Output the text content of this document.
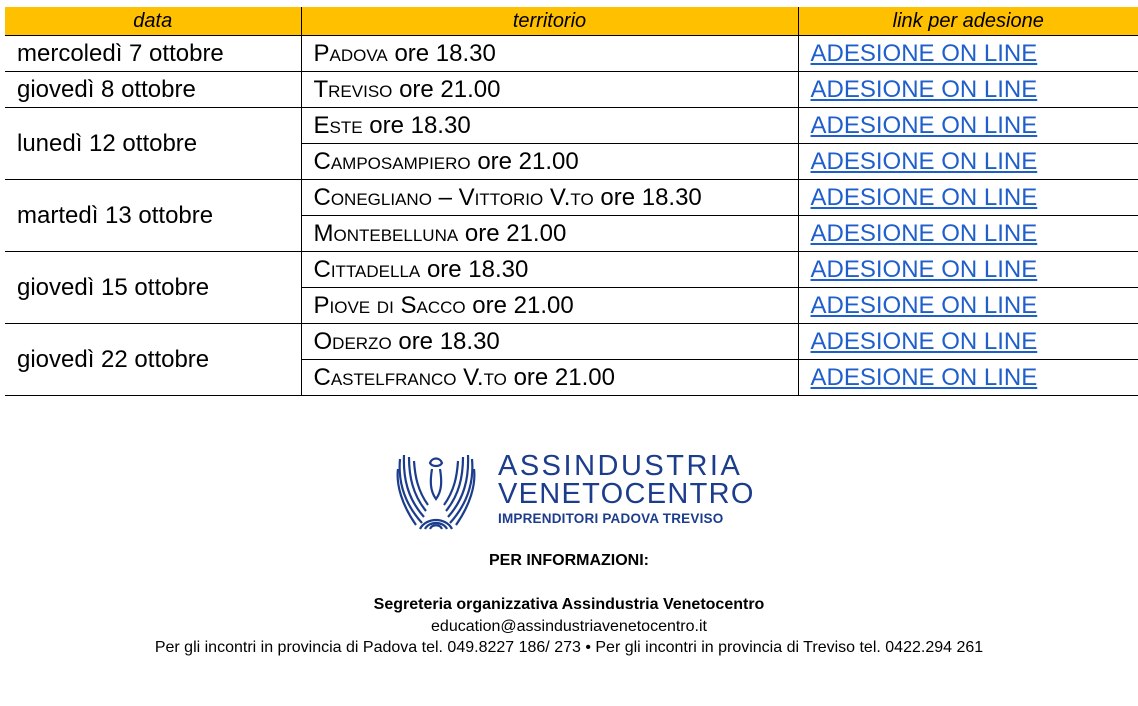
data	territorio	link per adesione
mercoledì 7 ottobre	Padova ore 18.30	ADESIONE ON LINE
giovedì 8 ottobre	Treviso ore 21.00	ADESIONE ON LINE
lunedì 12 ottobre	Este ore 18.30	ADESIONE ON LINE
	Camposampiero ore 21.00	ADESIONE ON LINE
martedì 13 ottobre	Conegliano – Vittorio V.to ore 18.30	ADESIONE ON LINE
	Montebelluna ore 21.00	ADESIONE ON LINE
giovedì 15 ottobre	Cittadella ore 18.30	ADESIONE ON LINE
	Piove di Sacco ore 21.00	ADESIONE ON LINE
giovedì 22 ottobre	Oderzo ore 18.30	ADESIONE ON LINE
	Castelfranco V.to ore 21.00	ADESIONE ON LINE
ASSINDUSTRIA
VENETOCENTRO
IMPRENDITORI PADOVA TREVISO
PER INFORMAZIONI:
Segreteria organizzativa Assindustria Venetocentro
education@assindustriavenetocentro.it
Per gli incontri in provincia di Padova tel. 049.8227 186/ 273 • Per gli incontri in provincia di Treviso tel. 0422.294 261
